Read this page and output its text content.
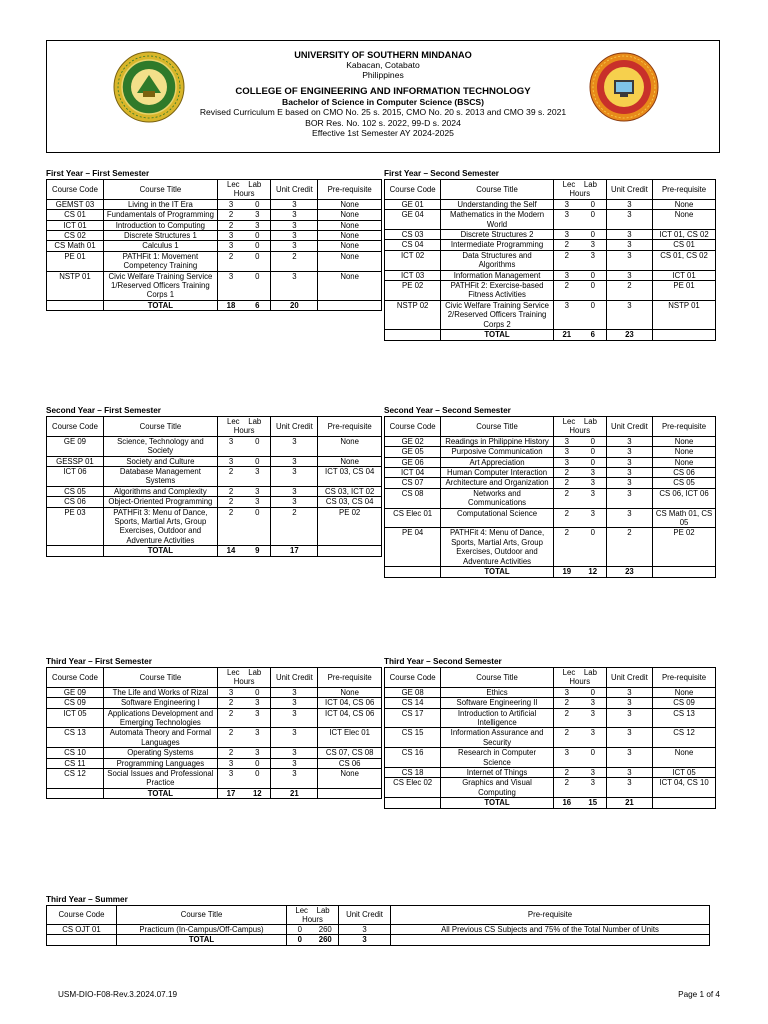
UNIVERSITY OF SOUTHERN MINDANAO
Kabacan, Cotabato
Philippines
COLLEGE OF ENGINEERING AND INFORMATION TECHNOLOGY
Bachelor of Science in Computer Science (BSCS)
Revised Curriculum E based on CMO No. 25 s. 2015, CMO No. 20 s. 2013 and CMO 39 s. 2021
BOR Res. No. 102 s. 2022, 99-D s. 2024
Effective 1st Semester AY 2024-2025
First Year – First Semester
Course Code	Course Title	Lec Lab
Hours		Unit Credit	Pre-requisite
GEMST 03	Living in the IT Era	3	0	3	None
CS 01	Fundamentals of Programming	2	3	3	None
ICT 01	Introduction to Computing	2	3	3	None
CS 02	Discrete Structures 1	3	0	3	None
CS Math 01	Calculus 1	3	0	3	None
PE 01	PATHFit 1: Movement Competency Training	2	0	2	None
NSTP 01	Civic Welfare Training Service 1/Reserved Officers Training Corps 1	3	0	3	None
	TOTAL	18	6	20	
First Year – Second Semester
Course Code	Course Title	Lec Lab
Hours		Unit Credit	Pre-requisite
GE 01	Understanding the Self	3	0	3	None
GE 04	Mathematics in the Modern World	3	0	3	None
CS 03	Discrete Structures 2	3	0	3	ICT 01, CS 02
CS 04	Intermediate Programming	2	3	3	CS 01
ICT 02	Data Structures and Algorithms	2	3	3	CS 01, CS 02
ICT 03	Information Management	3	0	3	ICT 01
PE 02	PATHFit 2: Exercise-based Fitness Activities	2	0	2	PE 01
NSTP 02	Civic Welfare Training Service 2/Reserved Officers Training Corps 2	3	0	3	NSTP 01
	TOTAL	21	6	23	
Second Year – First Semester
Course Code	Course Title	Lec Lab
Hours		Unit Credit	Pre-requisite
GE 09	Science, Technology and Society	3	0	3	None
GESSP 01	Society and Culture	3	0	3	None
ICT 06	Database Management Systems	2	3	3	ICT 03, CS 04
CS 05	Algorithms and Complexity	2	3	3	CS 03, ICT 02
CS 06	Object-Oriented Programming	2	3	3	CS 03, CS 04
PE 03	PATHFit 3: Menu of Dance, Sports, Martial Arts, Group Exercises, Outdoor and Adventure Activities	2	0	2	PE 02
	TOTAL	14	9	17	
Second Year – Second Semester
Course Code	Course Title	Lec Lab
Hours		Unit Credit	Pre-requisite
GE 02	Readings in Philippine History	3	0	3	None
GE 05	Purposive Communication	3	0	3	None
GE 06	Art Appreciation	3	0	3	None
ICT 04	Human Computer Interaction	2	3	3	CS 06
CS 07	Architecture and Organization	2	3	3	CS 05
CS 08	Networks and Communications	2	3	3	CS 06, ICT 06
CS Elec 01	Computational Science	2	3	3	CS Math 01, CS 05
PE 04	PATHFit 4: Menu of Dance, Sports, Martial Arts, Group Exercises, Outdoor and Adventure Activities	2	0	2	PE 02
	TOTAL	19	12	23	
Third Year – First Semester
Course Code	Course Title	Lec Lab
Hours		Unit Credit	Pre-requisite
GE 09	The Life and Works of Rizal	3	0	3	None
CS 09	Software Engineering I	2	3	3	ICT 04, CS 06
ICT 05	Applications Development and Emerging Technologies	2	3	3	ICT 04, CS 06
CS 13	Automata Theory and Formal Languages	2	3	3	ICT Elec 01
CS 10	Operating Systems	2	3	3	CS 07, CS 08
CS 11	Programming Languages	3	0	3	CS 06
CS 12	Social Issues and Professional Practice	3	0	3	None
	TOTAL	17	12	21	
Third Year – Second Semester
Course Code	Course Title	Lec Lab
Hours		Unit Credit	Pre-requisite
GE 08	Ethics	3	0	3	None
CS 14	Software Engineering II	2	3	3	CS 09
CS 17	Introduction to Artificial Intelligence	2	3	3	CS 13
CS 15	Information Assurance and Security	2	3	3	CS 12
CS 16	Research in Computer Science	3	0	3	None
CS 18	Internet of Things	2	3	3	ICT 05
CS Elec 02	Graphics and Visual Computing	2	3	3	ICT 04, CS 10
	TOTAL	16	15	21	
Third Year – Summer
Course Code	Course Title	Lec Lab
Hours		Unit Credit	Pre-requisite
CS OJT 01	Practicum (In-Campus/Off-Campus)	0	260	3	All Previous CS Subjects and 75% of the Total Number of Units
	TOTAL	0	260	3	
USM-DIO-F08-Rev.3.2024.07.19	Page 1 of 4
